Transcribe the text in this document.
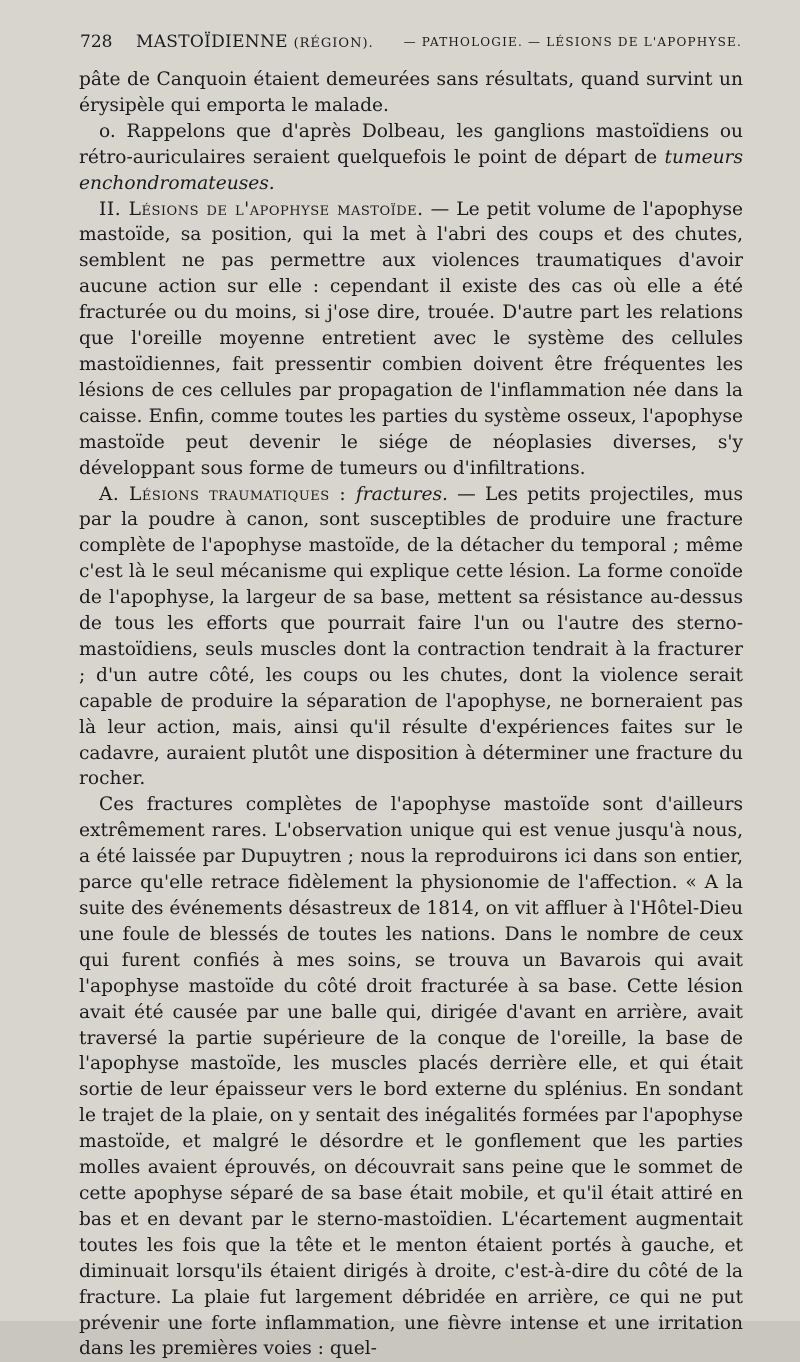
728 MASTOÏDIENNE (RÉGION). — PATHOLOGIE. — LÉSIONS DE L'APOPHYSE.

pâte de Canquoin étaient demeurées sans résultats, quand survint un érysipèle qui emporta le malade.

o. Rappelons que d'après Dolbeau, les ganglions mastoïdiens ou rétro-auriculaires seraient quelquefois le point de départ de tumeurs enchondromateuses.

II. Lésions de l'apophyse mastoïde. — Le petit volume de l'apophyse mastoïde, sa position, qui la met à l'abri des coups et des chutes, semblent ne pas permettre aux violences traumatiques d'avoir aucune action sur elle : cependant il existe des cas où elle a été fracturée ou du moins, si j'ose dire, trouée. D'autre part les relations que l'oreille moyenne entretient avec le système des cellules mastoïdiennes, fait pressentir combien doivent être fréquentes les lésions de ces cellules par propagation de l'inflammation née dans la caisse. Enfin, comme toutes les parties du système osseux, l'apophyse mastoïde peut devenir le siége de néoplasies diverses, s'y développant sous forme de tumeurs ou d'infiltrations.

A. Lésions traumatiques : fractures. — Les petits projectiles, mus par la poudre à canon, sont susceptibles de produire une fracture complète de l'apophyse mastoïde, de la détacher du temporal ; même c'est là le seul mécanisme qui explique cette lésion. La forme conoïde de l'apophyse, la largeur de sa base, mettent sa résistance au-dessus de tous les efforts que pourrait faire l'un ou l'autre des sterno-mastoïdiens, seuls muscles dont la contraction tendrait à la fracturer ; d'un autre côté, les coups ou les chutes, dont la violence serait capable de produire la séparation de l'apophyse, ne borneraient pas là leur action, mais, ainsi qu'il résulte d'expériences faites sur le cadavre, auraient plutôt une disposition à déterminer une fracture du rocher.

Ces fractures complètes de l'apophyse mastoïde sont d'ailleurs extrêmement rares. L'observation unique qui est venue jusqu'à nous, a été laissée par Dupuytren ; nous la reproduirons ici dans son entier, parce qu'elle retrace fidèlement la physionomie de l'affection. « A la suite des événements désastreux de 1814, on vit affluer à l'Hôtel-Dieu une foule de blessés de toutes les nations. Dans le nombre de ceux qui furent confiés à mes soins, se trouva un Bavarois qui avait l'apophyse mastoïde du côté droit fracturée à sa base. Cette lésion avait été causée par une balle qui, dirigée d'avant en arrière, avait traversé la partie supérieure de la conque de l'oreille, la base de l'apophyse mastoïde, les muscles placés derrière elle, et qui était sortie de leur épaisseur vers le bord externe du splénius. En sondant le trajet de la plaie, on y sentait des inégalités formées par l'apophyse mastoïde, et malgré le désordre et le gonflement que les parties molles avaient éprouvés, on découvrait sans peine que le sommet de cette apophyse séparé de sa base était mobile, et qu'il était attiré en bas et en devant par le sterno-mastoïdien. L'écartement augmentait toutes les fois que la tête et le menton étaient portés à gauche, et diminuait lorsqu'ils étaient dirigés à droite, c'est-à-dire du côté de la fracture. La plaie fut largement débridée en arrière, ce qui ne put prévenir une forte inflammation, une fièvre intense et une irritation dans les premières voies : quel-
